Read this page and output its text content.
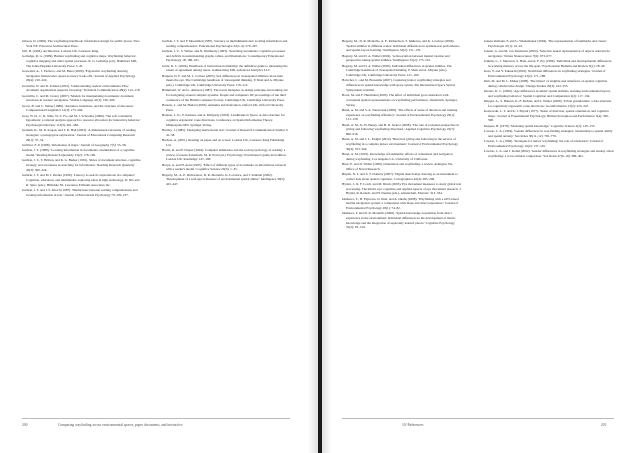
Gibson, D. (2009). The wayfinding handbook: information design for public places. New York NY, Princeton Architectural Press.

Gill, B. (1994). Architecture. London UK, Laurence King.

Golledge, R. G. (1999). Human wayfinding and cognitive maps. Wayfinding behavior: cognitive mapping and other spatial processes. R. G. Golledge (ed.). Baltimore MD, The Johns Hopkins University Press: 5–45.

Goswami, A., J. Pacheco, and M. Baier (2009). 'Ergonomic wayfinding drawing navigation frameworks: speed-accuracy trade-offs.' Journal of Applied Psychology 26(4): 210–224.

Granville, D. and R. Tolman (2001). 'Understanding readers' environments: How document organization supports browsing.' Technical Communication 48(2): 101–118.

Granville, C. and M. Cressy (2007). 'Models for manipulating documents: document structures in readers' navigation.' Visible Language 41(3): 190–209.

Grosz, B. and C. Sidner (1986). 'Attention, intentions, and the structure of discourse.' Computational Linguistics 12(3): 175–204.

Gray, W. D., C. R. Sims, W.-T. Fu, and M. J. Schoelles (2006). 'The soft constraints hypothesis: a rational analysis approach to resource allocation for interactive behavior.' Psychological Review 113(3): 461–482.

Graham, K., M. R. Kogan, and T. R. Hall (2003). 'A dimensional taxonomy of reading strategies: a pedagogical exploration.' Journal of Educational Computing Research 29(1): 37–54.

Gulliver, F. P. (1908). 'Orientation of maps.' Journal of Geography 7(3): 55–58.

Guthrie, J. T. (1988). 'Locating information in documents: examination of a cognitive model.' Reading Research Quarterly 23(2): 178–199.

Guthrie, J. T., T. Britten, and K. G. Barker (1991). 'Roles of document structure, cognitive strategy, and awareness in searching for information.' Reading Research Quarterly 26(3): 300–324.

Guthrie, J. T. and M. I. Dreher (1990). 'Literacy as search: explorations via computer.' Cognition, education, and multimedia: exploring ideas in high technology. D. Nix and R. Spiro (eds.). Hillsdale NJ, Lawrence Erlbaum Associates Inc.

Guthrie, J. T. and I. S. Kirsch (1987). 'Distinctions between reading comprehension and locating information in text.' Journal of Educational Psychology 79: 220–227.

Guthrie, J. T. and P. Mosenthal (1987). 'Literacy as multidimensional: locating information and reading comprehension.' Educational Psychologist 22(3–4): 279–297.

Guthrie, J. T., S. Weber, and N. Kimmerly (1993). 'Searching documents: cognitive processes and deficits in understanding graphs, tables, and illustrations.' Contemporary Educational Psychology 18: 186–221.

Gärtz, R. C. (2004). Handbook of instructional reliability: the definitive guide to measuring the extent of agreement among raters. Gaithersburg MD, Advanced Analytics LLC.

Halpern, D. F. and M. L. Collaer (2005). Sex differences in visuospatial abilities: more than meets the eye. The Cambridge handbook of visuospatial thinking. P. Shah and A. Miyake (eds.). Cambridge UK, Cambridge University Press: 170–212.

Hammond, W. and L. Allinson (1987). The travel metaphor as design principle and training aid for navigating around complex systems. People and computers III: proceedings of the third conference of the British Computer Society. Cambridge UK, Cambridge University Press.

Hanson, L. and M. Hutton (2003). Attitudes and motivation. Oxford UK, Oxford University Press.

Hanson, L. K., P. Karkeet, and A. Killgrady (2003). Landmarks in Space. A data structure for cognitive ergonomic route directions. Conference on Spatial Information Theory. Minneapolis MN, Springer Verlag.

Hartley, J. (1985). 'Designing instructional text.' Journal of Research Communication Studies 3: 41–58.

Hudson, A. (2001). Reading on paper and on screen. London UK, Laurence King Publishing Ltd.

Harris, R. and P. Draper (2004). Computer simulation and the social psychology of reading: a review of research methods. M. R. Pratt (ed.). Psychology: Practitioner's guide 2nd edition. London UK, Routledge: 147–190.

Haryu, A. and H. Aoki (1997). 'Effect of different types of documents on information retrieval with a reader's model.' Cognitive Science 26(3): 1–35.

Hegarty, M., A. E. Richardson, D. R. Montello, K. Lovelace, and I. Subbiah (2002). 'Development of a self-report measure of environmental spatial ability.' Intelligence 30(5): 425–447.

200	Comparing wayfinding across environmental spaces, paper documents, and interactive

Hegarty, M., D. R. Montello, A. E. Richardson, T. Ishikawa, and K. Lovelace (2006). 'Spatial abilities at different scales: individual differences in aptitude-test performance and spatial-layout learning.' Intelligence 34(2): 151–176.

Hegarty, M. and D. A. Waller (2004). 'A dissociation between mental rotation and perspective-taking spatial abilities.' Intelligence 32(2): 175–191.

Hegarty, M. and D. A. Waller (2005). Individual differences in spatial abilities. The Cambridge handbook of visuospatial thinking. P. Shah and A. Miyake (eds.). Cambridge UK, Cambridge University Press: 121–169.

Holscher, C. and M. Brosamle (2007). Capturing indoor wayfinding strategies and differences in spatial knowledge with space syntax. 6th International Space Syntax Symposium, Istanbul.

Horst, M. and F. Herrmann (2003). The effect of individual goal orientation with conceptual spatial representations on wayfinding performance. Osnabrück, Springer-Verlag.

Hund, A. M. and S. A. Nazarczuk (2009). 'The effects of sense of direction and training experience on wayfinding efficiency.' Journal of Environmental Psychology 29(1): 151–159.

Hund, A. M., K. H. Haney, and B. D. Seanor (2008). 'The role of recipient perspective in giving and following wayfinding directions.' Applied Cognitive Psychology 22(7): 896–916.

Hund, A. M. and J. L. Padgitt (2010). 'Direction giving and following in the service of wayfinding in a complex indoor environment.' Journal of Environmental Psychology 30(4): 553–564.

Hund, A. M. (2005). Knowledge of landmarks: effects of orientation and navigation during wayfinding. Los Angeles CA, University of California.

Hunt, E. and D. Waller (1999). Orientation and wayfinding: a review. Arlington VA, Office of Naval Research.

Huynh, N. T. and S. T. Doherty (2007). 'Digital sketch-map drawing as an instrument to collect data about spatial cognition.' Cartographica 42(4): 285–296.

Hyönä, J., R. F. Lorch, and M. Rinck (2003). Eye movement measures to study global text processing. The mind's eye: cognitive and applied aspects of eye movement research. J. Hyönä, R. Radach, and H. Deubel (eds.). Amsterdam, Elsevier: 313–334.

Ishikawa, T., H. Fujiwara, O. Imai, and A. Okabe (2008). 'Wayfinding with a GPS-based mobile navigation system: a comparison with maps and direct experience.' Journal of Environmental Psychology 28(1): 74–82.

Ishikawa, T. and D. R. Montello (2006). 'Spatial knowledge acquisition from direct experience in the environment: individual differences in the development of metric knowledge and the integration of separately learned places.' Cognitive Psychology 52(2): 93–129.

Jansen-Osmann, P. and G. Wiedenbauer (2004). 'The representation of landmarks and routes.' Psychologia 47(1): 10–22.

Janzen, G. and M. van Turennout (2004). 'Selective neural representation of objects relevant for navigation.' Nature Neuroscience 7(6): 673–677.

Jenkins, L., J. Myerson, S. Hale, and A. F. Fry (1999). 'Individual and developmental differences in working memory across the life span.' Psychonomic Bulletin and Review 6(1): 28–40.

Kato, Y. and Y. Takeuchi (2003). 'Individual differences in wayfinding strategies.' Journal of Environmental Psychology 23(2): 171–188.

Kim, M. and M. L. Maher (2008). 'The impact of tangible user interfaces on spatial cognition during collaborative design.' Design Studies 29(3): 222–253.

Kirasic, K. C. (2000). 'Age differences in adults' spatial abilities, learning environmental layout, and wayfinding behavior.' Spatial Cognition and Computation 2(2): 117–134.

Klippel, A., S. Hansen, K.-F. Richter, and S. Winter (2009). 'Urban granularities: a data structure for cognitively ergonomic route directions.' GeoInformatica 13(2): 223–247.

Kozlowski, L. T. and K. J. Bryant (1977). 'Sense of direction, spatial orientation, and cognitive maps.' Journal of Experimental Psychology: Human Perception and Performance 3(4): 590–598.

Kuipers, B. (1978). 'Modeling spatial knowledge.' Cognitive Science 2(2): 129–153.

Lawton, C. A. (1994). 'Gender differences in way-finding strategies: relationship to spatial ability and spatial anxiety.' Sex Roles 30(11–12): 765–779.

Lawton, C. A. (1996). 'Strategies for indoor wayfinding: the role of orientation.' Journal of Environmental Psychology 16(2): 137–145.

Lawton, C. A. and J. Kallai (2002). 'Gender differences in wayfinding strategies and anxiety about wayfinding: a cross-cultural comparison.' Sex Roles 47(9–10): 389–401.

10/ References	201
